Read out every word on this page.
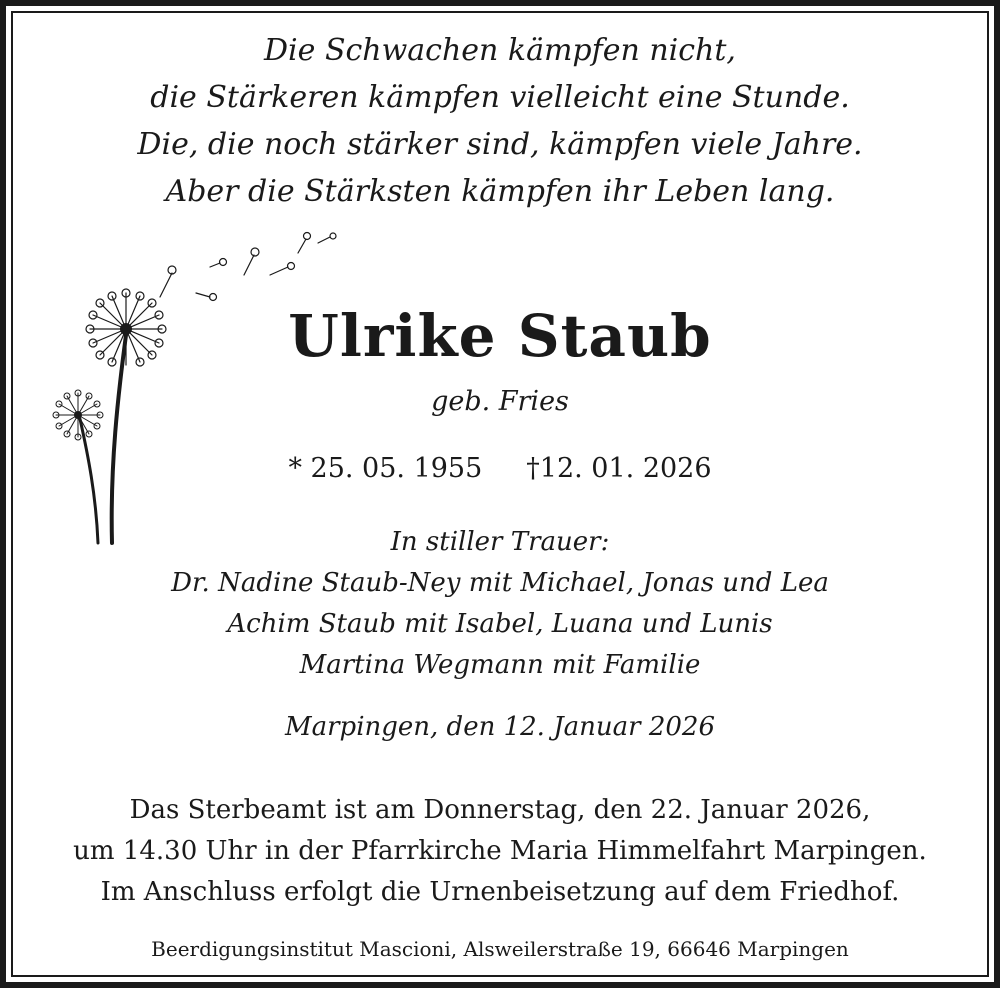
Die Schwachen kämpfen nicht,

die Stärkeren kämpfen vielleicht eine Stunde.

Die, die noch stärker sind, kämpfen viele Jahre.

Aber die Stärksten kämpfen ihr Leben lang.

Ulrike Staub

geb. Fries

* 25. 05. 1955 †12. 01. 2026

In stiller Trauer:

Dr. Nadine Staub-Ney mit Michael, Jonas und Lea

Achim Staub mit Isabel, Luana und Lunis

Martina Wegmann mit Familie

Marpingen, den 12. Januar 2026

Das Sterbeamt ist am Donnerstag, den 22. Januar 2026,

um 14.30 Uhr in der Pfarrkirche Maria Himmelfahrt Marpingen.

Im Anschluss erfolgt die Urnenbeisetzung auf dem Friedhof.

Beerdigungsinstitut Mascioni, Alsweilerstraße 19, 66646 Marpingen
